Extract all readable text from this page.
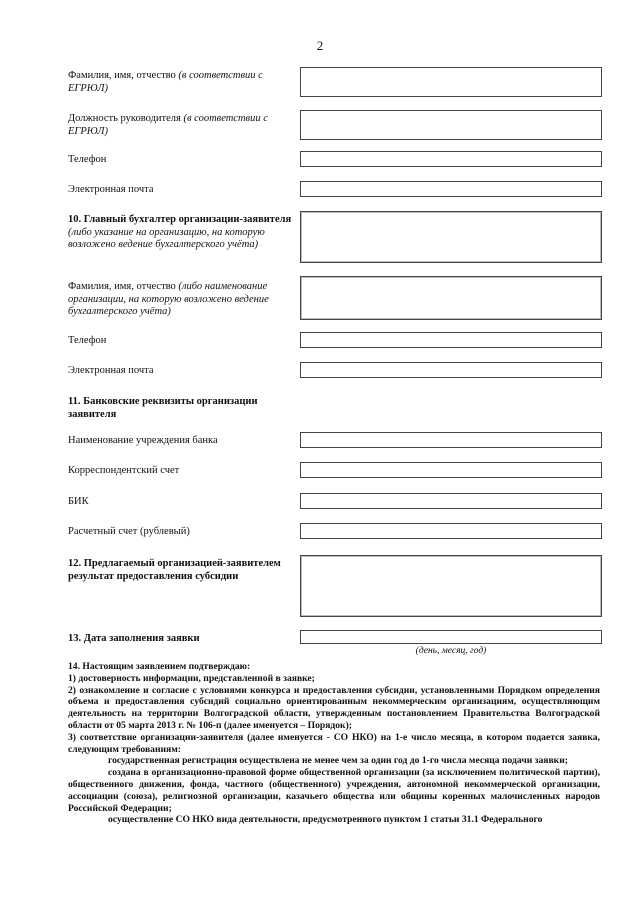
2
Фамилия, имя, отчество (в соответствии с ЕГРЮЛ)
Должность руководителя (в соответствии с ЕГРЮЛ)
Телефон
Электронная почта
10. Главный бухгалтер организации-заявителя
(либо указание на организацию, на которую возложено ведение бухгалтерского учёта)
Фамилия, имя, отчество (либо наименование организации, на которую возложено ведение бухгалтерского учёта)
Телефон
Электронная почта
11. Банковские реквизиты организации заявителя
Наименование учреждения банка
Корреспондентский счет
БИК
Расчетный счет (рублевый)
12. Предлагаемый организацией-заявителем результат предоставления субсидии
13. Дата заполнения заявки
(день, месяц, год)

14. Настоящим заявлением подтверждаю:

1) достоверность информации, представленной в заявке;

2) ознакомление и согласие с условиями конкурса и предоставления субсидии, установленными Порядком определения объема и предоставления субсидий социально ориентированным некоммерческим организациям, осуществляющим деятельность на территории Волгоградской области, утвержденным постановлением Правительства Волгоградской области от 05 марта 2013 г. № 106-п (далее именуется – Порядок);

3) соответствие организации-заявителя (далее именуется - СО НКО) на 1-е число месяца, в котором подается заявка, следующим требованиям:

государственная регистрация осуществлена не менее чем за один год до 1-го числа месяца подачи заявки;

создана в организационно-правовой форме общественной организации (за исключением политической партии), общественного движения, фонда, частного (общественного) учреждения, автономной некоммерческой организации, ассоциации (союза), религиозной организации, казачьего общества или общины коренных малочисленных народов Российской Федерации;

осуществление СО НКО вида деятельности, предусмотренного пунктом 1 статьи 31.1 Федерального
